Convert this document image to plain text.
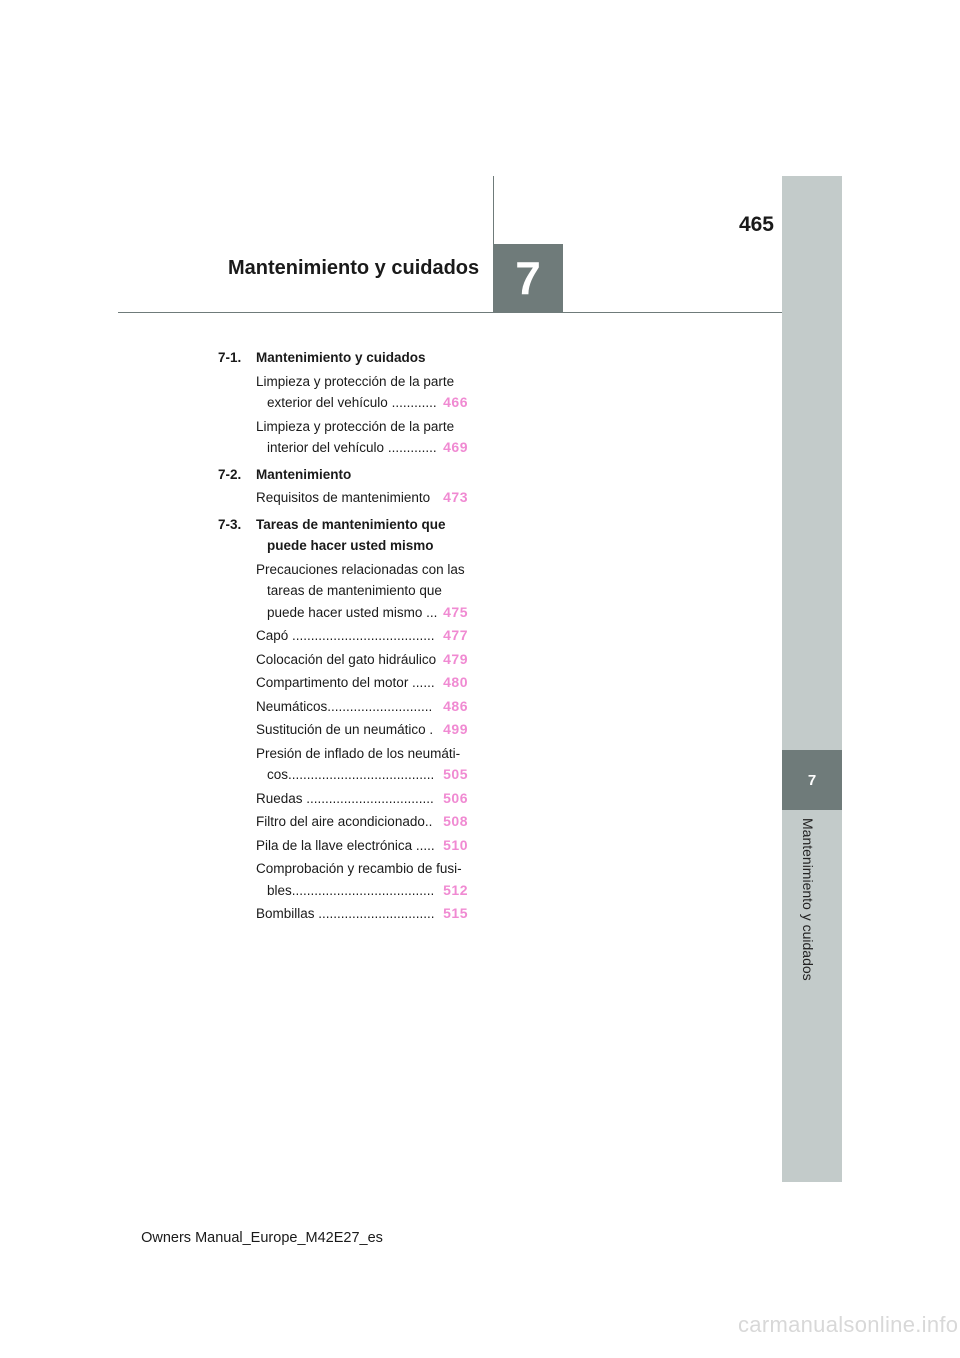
7
Mantenimiento y cuidados
7
465
Mantenimiento y cuidados
7-1.	Mantenimiento y cuidados
Limpieza y protección de la parte
exterior del vehículo ............ 466
Limpieza y protección de la parte
interior del vehículo ............. 469
7-2.	Mantenimiento
Requisitos de mantenimiento 473
7-3.	Tareas de mantenimiento que
puede hacer usted mismo
Precauciones relacionadas con las
tareas de mantenimiento que
puede hacer usted mismo ... 475
Capó ...................................... 477
Colocación del gato hidráulico 479
Compartimento del motor ...... 480
Neumáticos............................ 486
Sustitución de un neumático . 499
Presión de inflado de los neumáti-
cos....................................... 505
Ruedas .................................. 506
Filtro del aire acondicionado.. 508
Pila de la llave electrónica ..... 510
Comprobación y recambio de fusi-
bles...................................... 512
Bombillas ............................... 515
Owners Manual_Europe_M42E27_es
carmanualsonline.info
